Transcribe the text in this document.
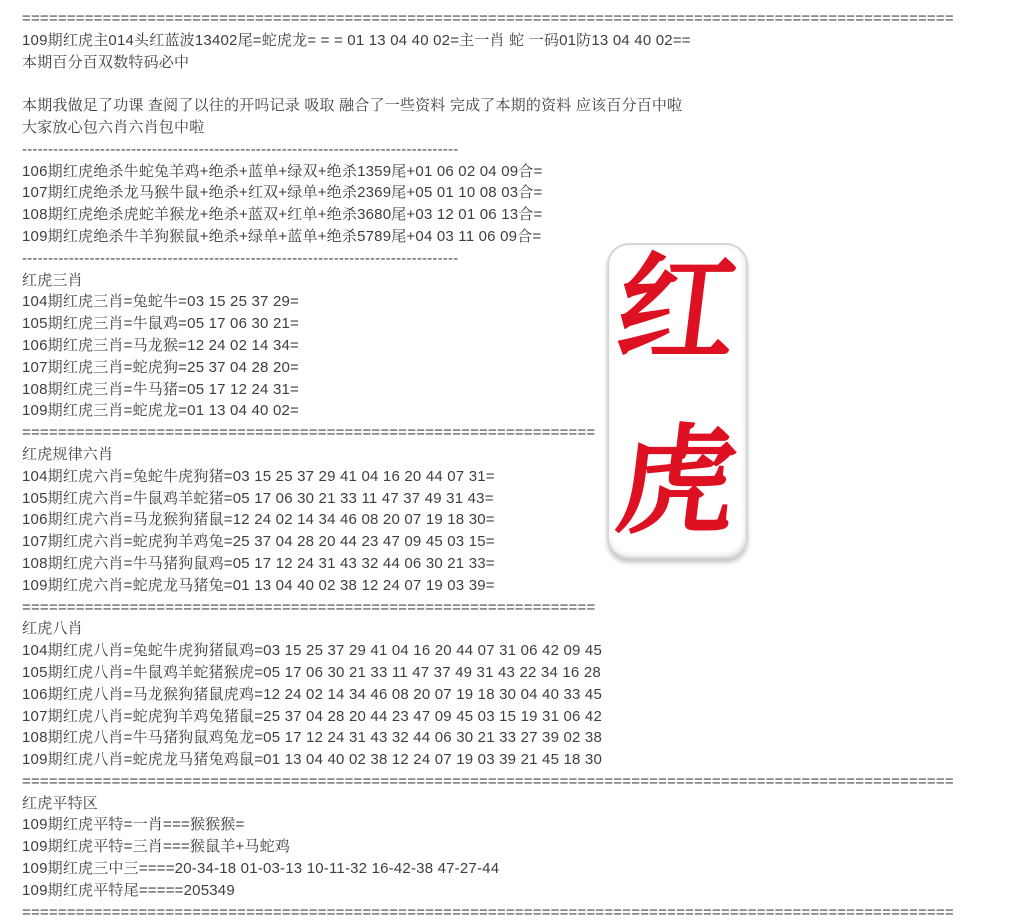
========================================================================================================
109期红虎主014头红蓝波13402尾=蛇虎龙= = = 01 13 04 40 02=主一肖 蛇 一码01防13 04 40 02==
本期百分百双数特码必中
本期我做足了功课 查阅了以往的开吗记录 吸取 融合了一些资料 完成了本期的资料 应该百分百中啦
大家放心包六肖六肖包中啦
------------------------------------------------------------------------------------
106期红虎绝杀牛蛇兔羊鸡+绝杀+蓝单+绿双+绝杀1359尾+01 06 02 04 09合=
107期红虎绝杀龙马猴牛鼠+绝杀+红双+绿单+绝杀2369尾+05 01 10 08 03合=
108期红虎绝杀虎蛇羊猴龙+绝杀+蓝双+红单+绝杀3680尾+03 12 01 06 13合=
109期红虎绝杀牛羊狗猴鼠+绝杀+绿单+蓝单+绝杀5789尾+04 03 11 06 09合=
------------------------------------------------------------------------------------
红虎三肖
104期红虎三肖=兔蛇牛=03 15 25 37 29=
105期红虎三肖=牛鼠鸡=05 17 06 30 21=
106期红虎三肖=马龙猴=12 24 02 14 34=
107期红虎三肖=蛇虎狗=25 37 04 28 20=
108期红虎三肖=牛马猪=05 17 12 24 31=
109期红虎三肖=蛇虎龙=01 13 04 40 02=
================================================================
红虎规律六肖
104期红虎六肖=兔蛇牛虎狗猪=03 15 25 37 29 41 04 16 20 44 07 31=
105期红虎六肖=牛鼠鸡羊蛇猪=05 17 06 30 21 33 11 47 37 49 31 43=
106期红虎六肖=马龙猴狗猪鼠=12 24 02 14 34 46 08 20 07 19 18 30=
107期红虎六肖=蛇虎狗羊鸡兔=25 37 04 28 20 44 23 47 09 45 03 15=
108期红虎六肖=牛马猪狗鼠鸡=05 17 12 24 31 43 32 44 06 30 21 33=
109期红虎六肖=蛇虎龙马猪兔=01 13 04 40 02 38 12 24 07 19 03 39=
================================================================
红虎八肖
104期红虎八肖=兔蛇牛虎狗猪鼠鸡=03 15 25 37 29 41 04 16 20 44 07 31 06 42 09 45
105期红虎八肖=牛鼠鸡羊蛇猪猴虎=05 17 06 30 21 33 11 47 37 49 31 43 22 34 16 28
106期红虎八肖=马龙猴狗猪鼠虎鸡=12 24 02 14 34 46 08 20 07 19 18 30 04 40 33 45
107期红虎八肖=蛇虎狗羊鸡兔猪鼠=25 37 04 28 20 44 23 47 09 45 03 15 19 31 06 42
108期红虎八肖=牛马猪狗鼠鸡兔龙=05 17 12 24 31 43 32 44 06 30 21 33 27 39 02 38
109期红虎八肖=蛇虎龙马猪兔鸡鼠=01 13 04 40 02 38 12 24 07 19 03 39 21 45 18 30
========================================================================================================
红虎平特区
109期红虎平特=一肖===猴猴猴=
109期红虎平特=三肖===猴鼠羊+马蛇鸡
109期红虎三中三====20-34-18 01-03-13 10-11-32 16-42-38 47-27-44
109期红虎平特尾=====205349
========================================================================================================
红
虎
